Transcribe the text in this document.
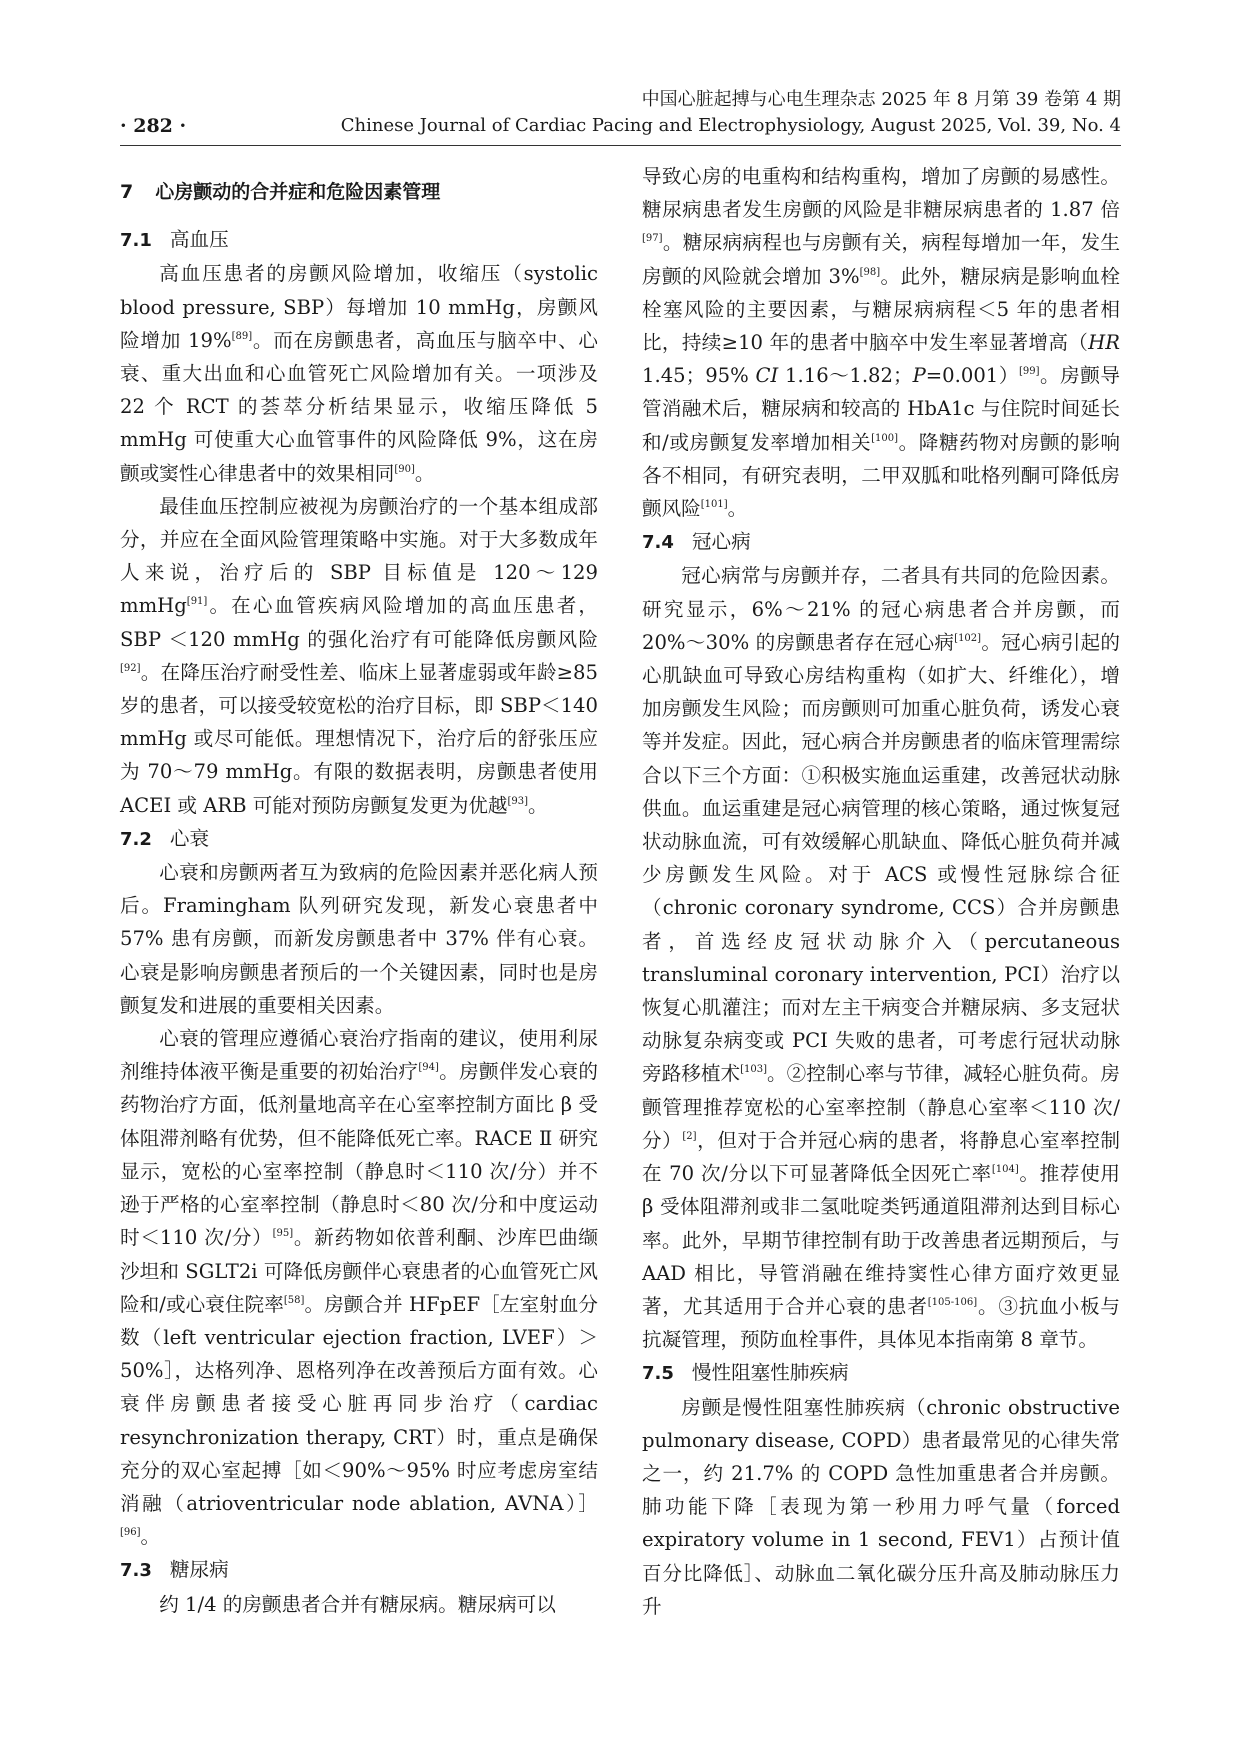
中国心脏起搏与心电生理杂志 2025 年 8 月第 39 卷第 4 期
· 282 ·	Chinese Journal of Cardiac Pacing and Electrophysiology, August 2025, Vol. 39, No. 4
7 心房颤动的合并症和危险因素管理
7.1 高血压

高血压患者的房颤风险增加，收缩压（systolic blood pressure, SBP）每增加 10 mmHg，房颤风险增加 19%[89]。而在房颤患者，高血压与脑卒中、心衰、重大出血和心血管死亡风险增加有关。一项涉及 22 个 RCT 的荟萃分析结果显示，收缩压降低 5 mmHg 可使重大心血管事件的风险降低 9%，这在房颤或窦性心律患者中的效果相同[90]。

最佳血压控制应被视为房颤治疗的一个基本组成部分，并应在全面风险管理策略中实施。对于大多数成年人来说，治疗后的 SBP 目标值是 120～129 mmHg[91]。在心血管疾病风险增加的高血压患者，SBP ＜120 mmHg 的强化治疗有可能降低房颤风险[92]。在降压治疗耐受性差、临床上显著虚弱或年龄≥85 岁的患者，可以接受较宽松的治疗目标，即 SBP＜140 mmHg 或尽可能低。理想情况下，治疗后的舒张压应为 70～79 mmHg。有限的数据表明，房颤患者使用 ACEI 或 ARB 可能对预防房颤复发更为优越[93]。

7.2 心衰

心衰和房颤两者互为致病的危险因素并恶化病人预后。Framingham 队列研究发现，新发心衰患者中 57% 患有房颤，而新发房颤患者中 37% 伴有心衰。心衰是影响房颤患者预后的一个关键因素，同时也是房颤复发和进展的重要相关因素。

心衰的管理应遵循心衰治疗指南的建议，使用利尿剂维持体液平衡是重要的初始治疗[94]。房颤伴发心衰的药物治疗方面，低剂量地高辛在心室率控制方面比 β 受体阻滞剂略有优势，但不能降低死亡率。RACE Ⅱ 研究显示，宽松的心室率控制（静息时＜110 次/分）并不逊于严格的心室率控制（静息时＜80 次/分和中度运动时＜110 次/分）[95]。新药物如依普利酮、沙库巴曲缬沙坦和 SGLT2i 可降低房颤伴心衰患者的心血管死亡风险和/或心衰住院率[58]。房颤合并 HFpEF［左室射血分数（left ventricular ejection fraction, LVEF）＞50%］，达格列净、恩格列净在改善预后方面有效。心衰伴房颤患者接受心脏再同步治疗（cardiac resynchronization therapy, CRT）时，重点是确保充分的双心室起搏［如＜90%～95% 时应考虑房室结消融（atrioventricular node ablation, AVNA）］[96]。

7.3 糖尿病

约 1/4 的房颤患者合并有糖尿病。糖尿病可以

导致心房的电重构和结构重构，增加了房颤的易感性。糖尿病患者发生房颤的风险是非糖尿病患者的 1.87 倍[97]。糖尿病病程也与房颤有关，病程每增加一年，发生房颤的风险就会增加 3%[98]。此外，糖尿病是影响血栓栓塞风险的主要因素，与糖尿病病程＜5 年的患者相比，持续≥10 年的患者中脑卒中发生率显著增高（HR 1.45；95% CI 1.16～1.82；P=0.001）[99]。房颤导管消融术后，糖尿病和较高的 HbA1c 与住院时间延长和/或房颤复发率增加相关[100]。降糖药物对房颤的影响各不相同，有研究表明，二甲双胍和吡格列酮可降低房颤风险[101]。

7.4 冠心病

冠心病常与房颤并存，二者具有共同的危险因素。研究显示，6%～21% 的冠心病患者合并房颤，而 20%～30% 的房颤患者存在冠心病[102]。冠心病引起的心肌缺血可导致心房结构重构（如扩大、纤维化），增加房颤发生风险；而房颤则可加重心脏负荷，诱发心衰等并发症。因此，冠心病合并房颤患者的临床管理需综合以下三个方面：①积极实施血运重建，改善冠状动脉供血。血运重建是冠心病管理的核心策略，通过恢复冠状动脉血流，可有效缓解心肌缺血、降低心脏负荷并减少房颤发生风险。对于 ACS 或慢性冠脉综合征（chronic coronary syndrome, CCS）合并房颤患者，首选经皮冠状动脉介入（percutaneous transluminal coronary intervention, PCI）治疗以恢复心肌灌注；而对左主干病变合并糖尿病、多支冠状动脉复杂病变或 PCI 失败的患者，可考虑行冠状动脉旁路移植术[103]。②控制心率与节律，减轻心脏负荷。房颤管理推荐宽松的心室率控制（静息心室率＜110 次/分）[2]，但对于合并冠心病的患者，将静息心室率控制在 70 次/分以下可显著降低全因死亡率[104]。推荐使用 β 受体阻滞剂或非二氢吡啶类钙通道阻滞剂达到目标心率。此外，早期节律控制有助于改善患者远期预后，与 AAD 相比，导管消融在维持窦性心律方面疗效更显著，尤其适用于合并心衰的患者[105-106]。③抗血小板与抗凝管理，预防血栓事件，具体见本指南第 8 章节。

7.5 慢性阻塞性肺疾病

房颤是慢性阻塞性肺疾病（chronic obstructive pulmonary disease, COPD）患者最常见的心律失常之一，约 21.7% 的 COPD 急性加重患者合并房颤。肺功能下降［表现为第一秒用力呼气量（forced expiratory volume in 1 second, FEV1）占预计值百分比降低］、动脉血二氧化碳分压升高及肺动脉压力升
